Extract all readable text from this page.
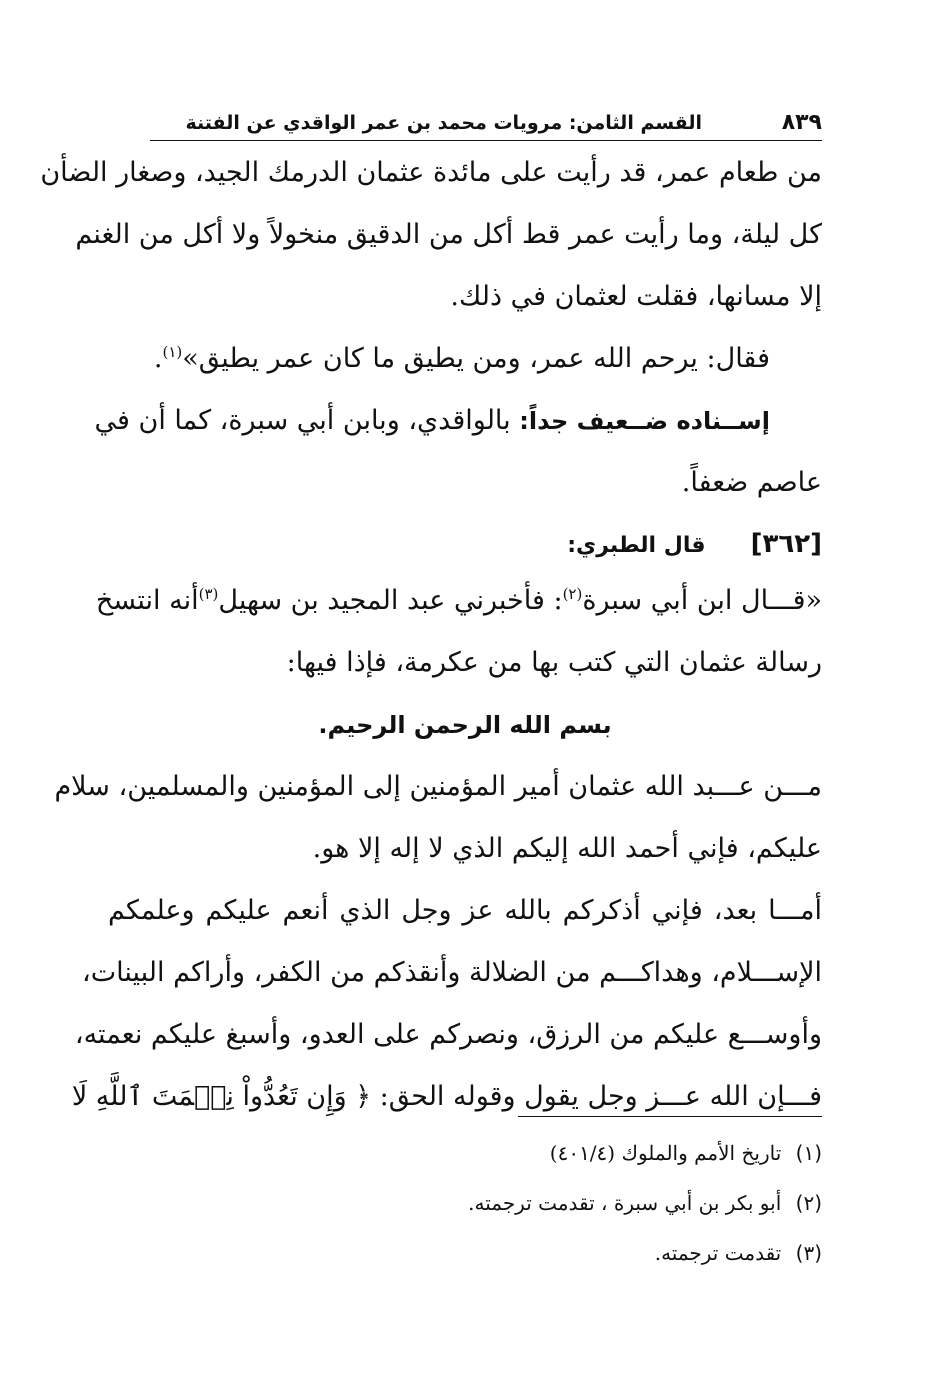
٨٣٩
القسم الثامن: مرويات محمد بن عمر الواقدي عن الفتنة
من طعام عمر، قد رأيت على مائدة عثمان الدرمك الجيد، وصغار الضأن
كل ليلة، وما رأيت عمر قط أكل من الدقيق منخولاً ولا أكل من الغنم
إلا مسانها، فقلت لعثمان في ذلك.
فقال: يرحم الله عمر، ومن يطيق ما كان عمر يطيق»$^{(١)}$.
إســناده ضــعيف جداً: بالواقدي، وبابن أبي سبرة، كما أن في
عاصم ضعفاً.
[٣٦٢] قال الطبري:
«قـــال ابن أبي سبرة$^{(٢)}$: فأخبرني عبد المجيد بن سهيل$^{(٣)}$أنه انتسخ
رسالة عثمان التي كتب بها من عكرمة، فإذا فيها:
بسم الله الرحمن الرحيم.
مـــن عـــبد الله عثمان أمير المؤمنين إلى المؤمنين والمسلمين، سلام
عليكم، فإني أحمد الله إليكم الذي لا إله إلا هو.
أمـــا بعد، فإني أذكركم بالله عز وجل الذي أنعم عليكم وعلمكم
الإســـلام، وهداكـــم من الضلالة وأنقذكم من الكفر، وأراكم البينات،
وأوســـع عليكم من الرزق، ونصركم على العدو، وأسبغ عليكم نعمته،
فـــإن الله عـــز وجل يقول وقوله الحق: ﴿ وَإِن تَعُدُّواْ نِعۡمَتَ ٱللَّهِ لَا
(١) تاريخ الأمم والملوك (٤٠١/٤)
(٢) أبو بكر بن أبي سبرة ، تقدمت ترجمته.
(٣) تقدمت ترجمته.
